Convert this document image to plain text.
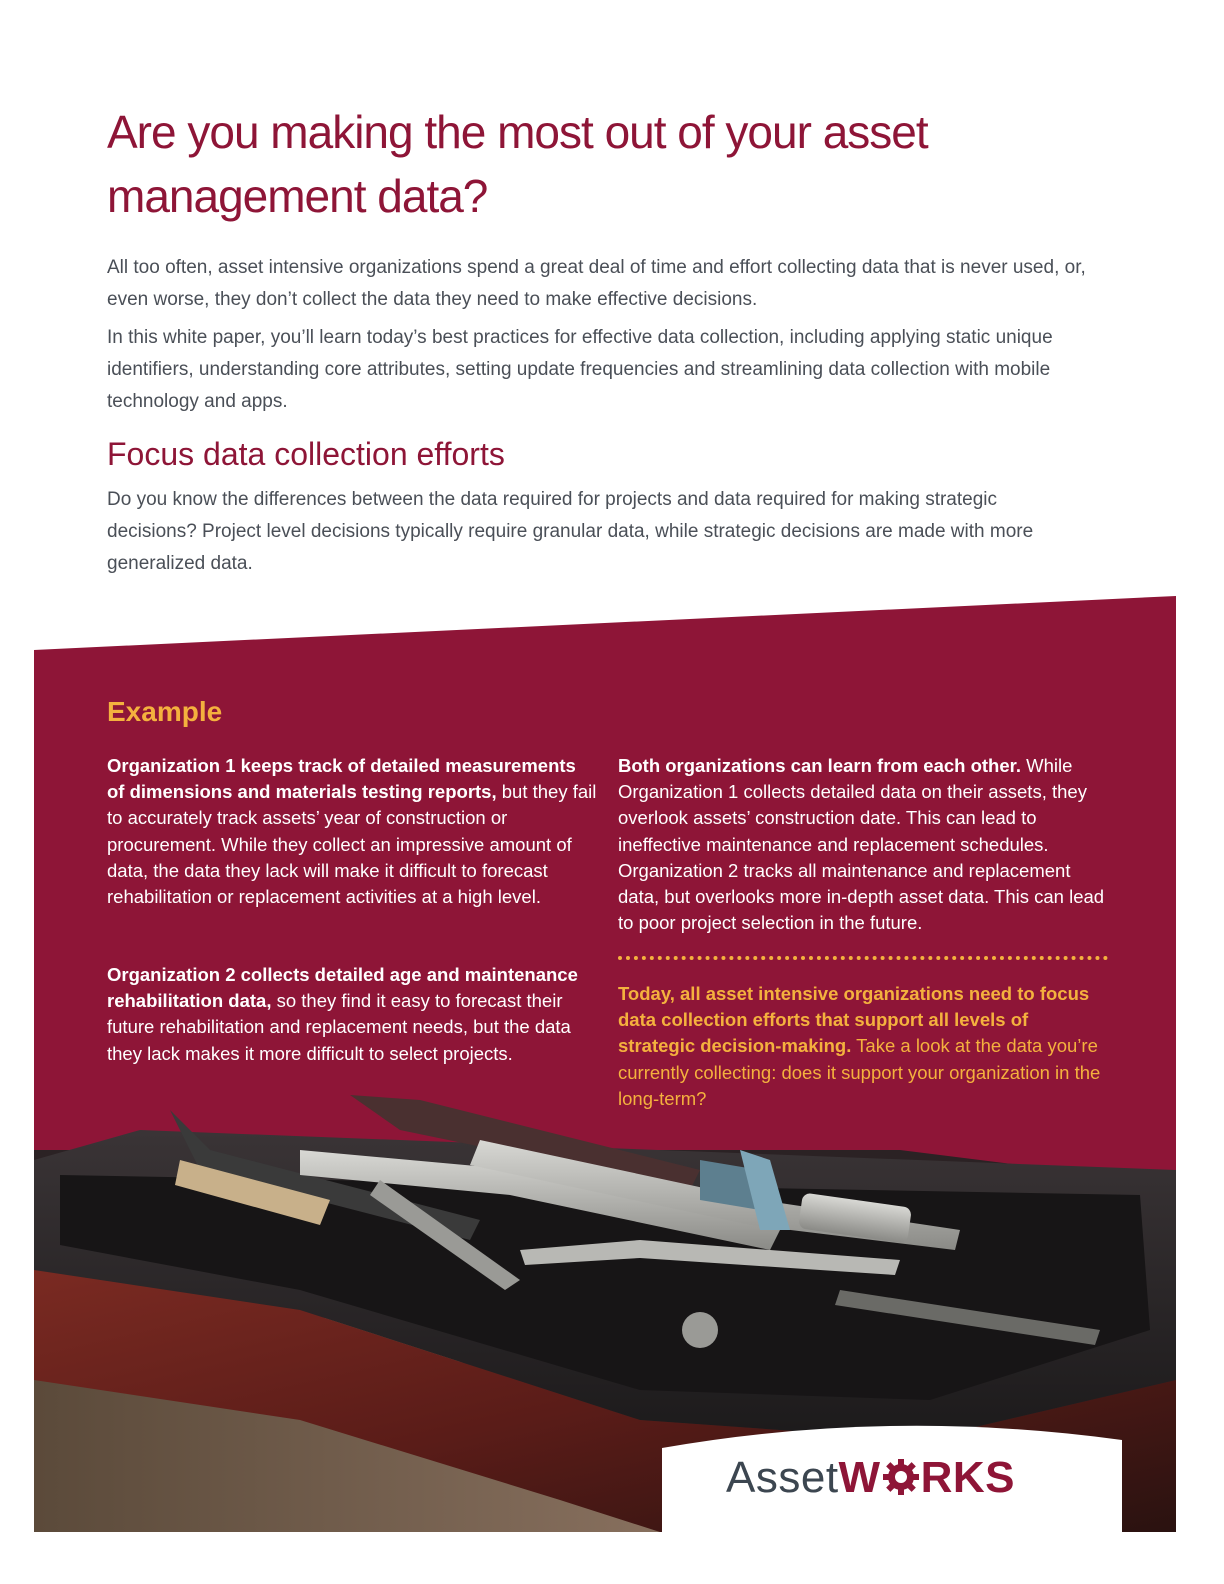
Are you making the most out of your asset management data?

All too often, asset intensive organizations spend a great deal of time and effort collecting data that is never used, or, even worse, they don’t collect the data they need to make effective decisions.

In this white paper, you’ll learn today’s best practices for effective data collection, including applying static unique identifiers, understanding core attributes, setting update frequencies and streamlining data collection with mobile technology and apps.

Focus data collection efforts

Do you know the differences between the data required for projects and data required for making strategic decisions? Project level decisions typically require granular data, while strategic decisions are made with more generalized data.

Example
Organization 1 keeps track of detailed measurements of dimensions and materials testing reports, but they fail to accurately track assets’ year of construction or procurement. While they collect an impressive amount of data, the data they lack will make it difficult to forecast rehabilitation or replacement activities at a high level.
Organization 2 collects detailed age and maintenance rehabilitation data, so they find it easy to forecast their future rehabilitation and replacement needs, but the data they lack makes it more difficult to select projects.
Both organizations can learn from each other. While Organization 1 collects detailed data on their assets, they overlook assets’ construction date. This can lead to ineffective maintenance and replacement schedules. Organization 2 tracks all maintenance and replacement data, but overlooks more in-depth asset data. This can lead to poor project selection in the future.
Today, all asset intensive organizations need to focus data collection efforts that support all levels of strategic decision-making. Take a look at the data you’re currently collecting: does it support your organization in the long-term?
AssetW RKS
